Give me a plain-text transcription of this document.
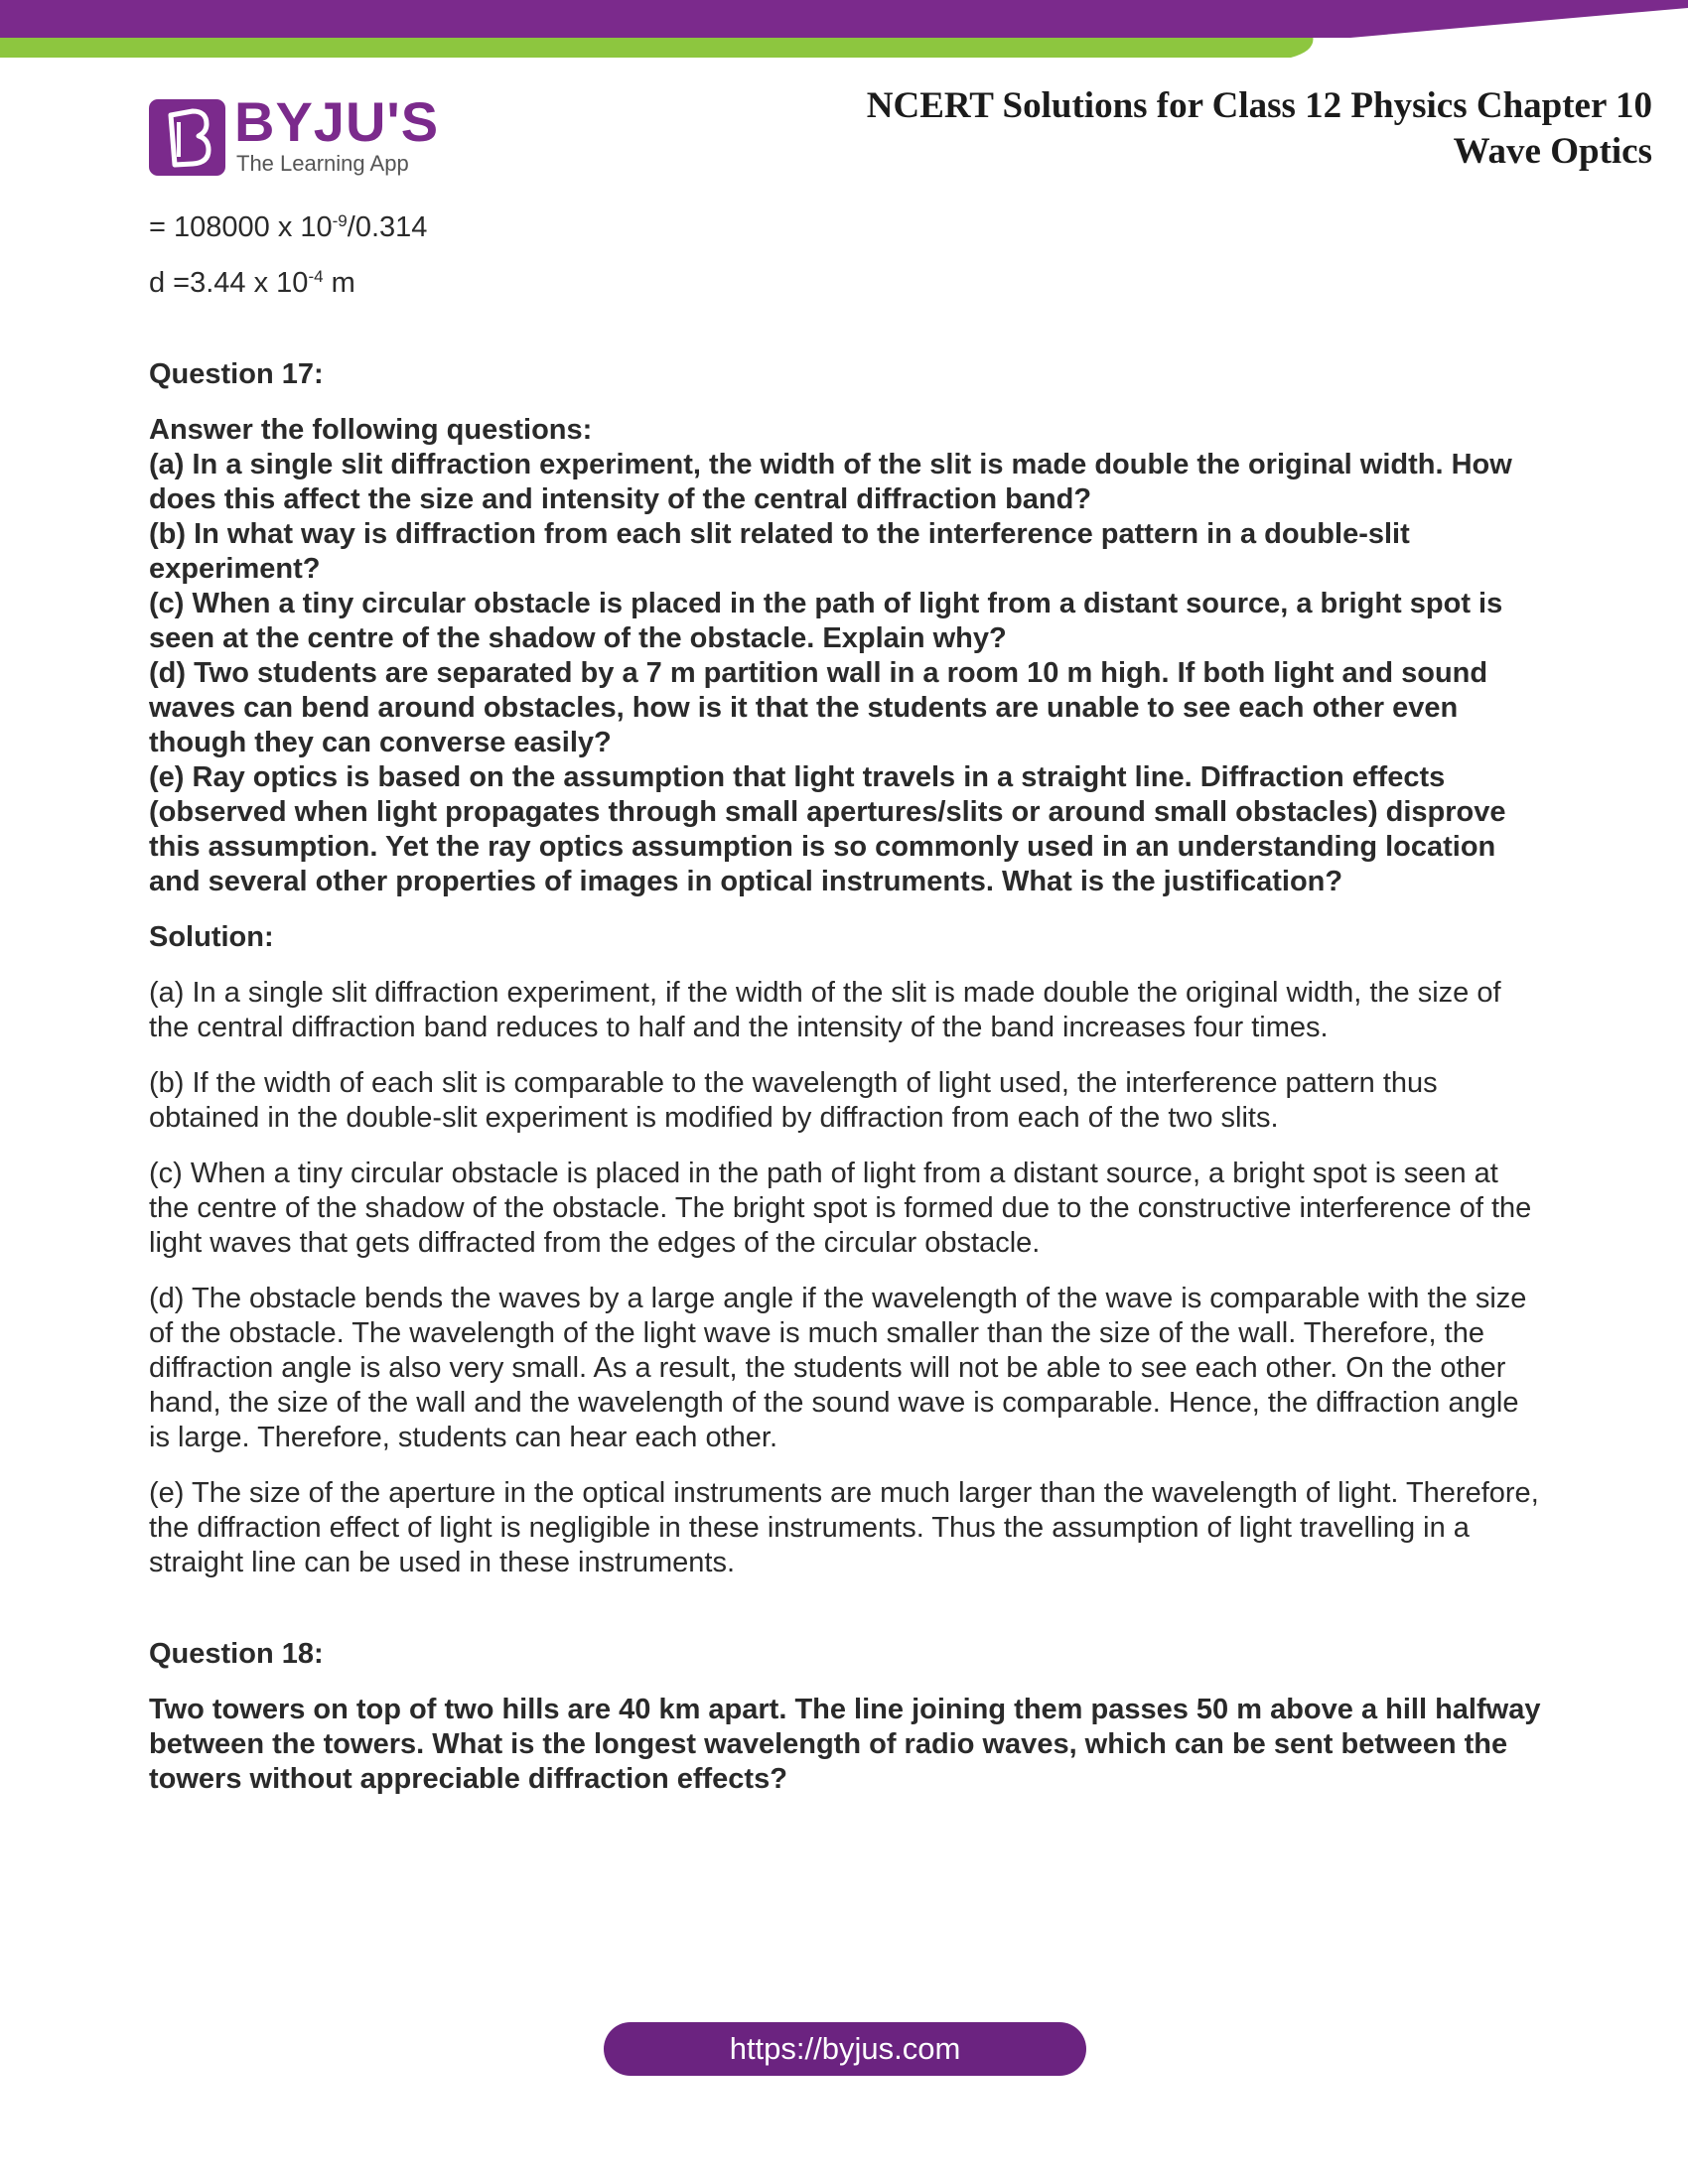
BYJU'S
The Learning App
NCERT Solutions for Class 12 Physics Chapter 10
Wave Optics

= 108000 x $10^{-9}/0.314$

d =3.44 x $10^{-4}$ m

Question 17:

Answer the following questions:
(a) In a single slit diffraction experiment, the width of the slit is made double the original width. How does this affect the size and intensity of the central diffraction band?
(b) In what way is diffraction from each slit related to the interference pattern in a double-slit experiment?
(c) When a tiny circular obstacle is placed in the path of light from a distant source, a bright spot is seen at the centre of the shadow of the obstacle. Explain why?
(d) Two students are separated by a 7 m partition wall in a room 10 m high. If both light and sound waves can bend around obstacles, how is it that the students are unable to see each other even though they can converse easily?
(e) Ray optics is based on the assumption that light travels in a straight line. Diffraction effects (observed when light propagates through small apertures/slits or around small obstacles) disprove this assumption. Yet the ray optics assumption is so commonly used in an understanding location and several other properties of images in optical instruments. What is the justification?

Solution:

(a) In a single slit diffraction experiment, if the width of the slit is made double the original width, the size of the central diffraction band reduces to half and the intensity of the band increases four times.

(b) If the width of each slit is comparable to the wavelength of light used, the interference pattern thus obtained in the double-slit experiment is modified by diffraction from each of the two slits.

(c) When a tiny circular obstacle is placed in the path of light from a distant source, a bright spot is seen at the centre of the shadow of the obstacle. The bright spot is formed due to the constructive interference of the light waves that gets diffracted from the edges of the circular obstacle.

(d) The obstacle bends the waves by a large angle if the wavelength of the wave is comparable with the size of the obstacle. The wavelength of the light wave is much smaller than the size of the wall. Therefore, the diffraction angle is also very small. As a result, the students will not be able to see each other. On the other hand, the size of the wall and the wavelength of the sound wave is comparable. Hence, the diffraction angle is large. Therefore, students can hear each other.

(e) The size of the aperture in the optical instruments are much larger than the wavelength of light. Therefore, the diffraction effect of light is negligible in these instruments. Thus the assumption of light travelling in a straight line can be used in these instruments.

Question 18:

Two towers on top of two hills are 40 km apart. The line joining them passes 50 m above a hill halfway between the towers. What is the longest wavelength of radio waves, which can be sent between the towers without appreciable diffraction effects?

https://byjus.com
